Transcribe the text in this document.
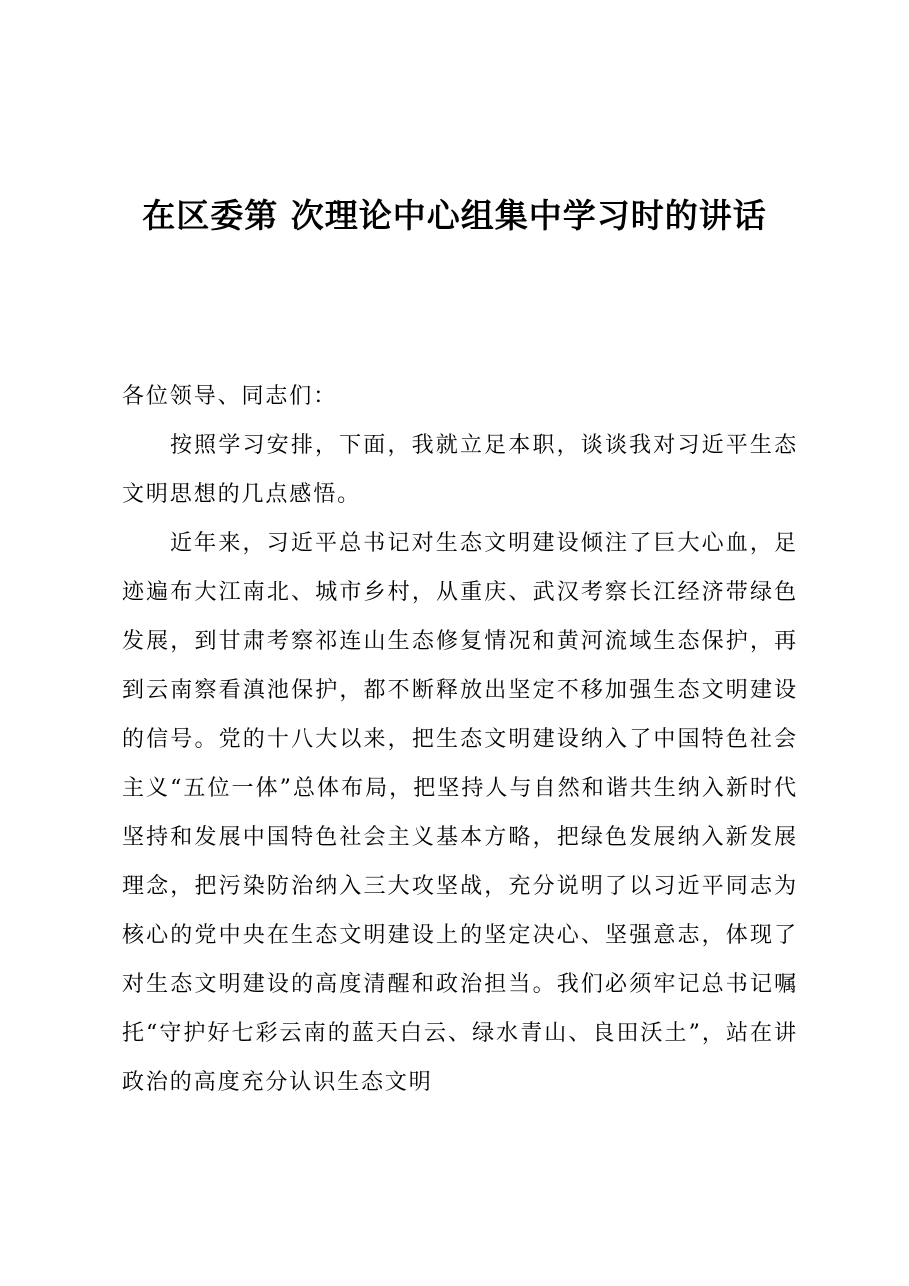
在区委第 次理论中心组集中学习时的讲话

各位领导、同志们：

按照学习安排，下面，我就立足本职，谈谈我对习近平生态文明思想的几点感悟。

近年来，习近平总书记对生态文明建设倾注了巨大心血，足迹遍布大江南北、城市乡村，从重庆、武汉考察长江经济带绿色发展，到甘肃考察祁连山生态修复情况和黄河流域生态保护，再到云南察看滇池保护，都不断释放出坚定不移加强生态文明建设的信号。党的十八大以来，把生态文明建设纳入了中国特色社会主义“五位一体”总体布局，把坚持人与自然和谐共生纳入新时代坚持和发展中国特色社会主义基本方略，把绿色发展纳入新发展理念，把污染防治纳入三大攻坚战，充分说明了以习近平同志为核心的党中央在生态文明建设上的坚定决心、坚强意志，体现了对生态文明建设的高度清醒和政治担当。我们必须牢记总书记嘱托“守护好七彩云南的蓝天白云、绿水青山、良田沃土”，站在讲政治的高度充分认识生态文明
